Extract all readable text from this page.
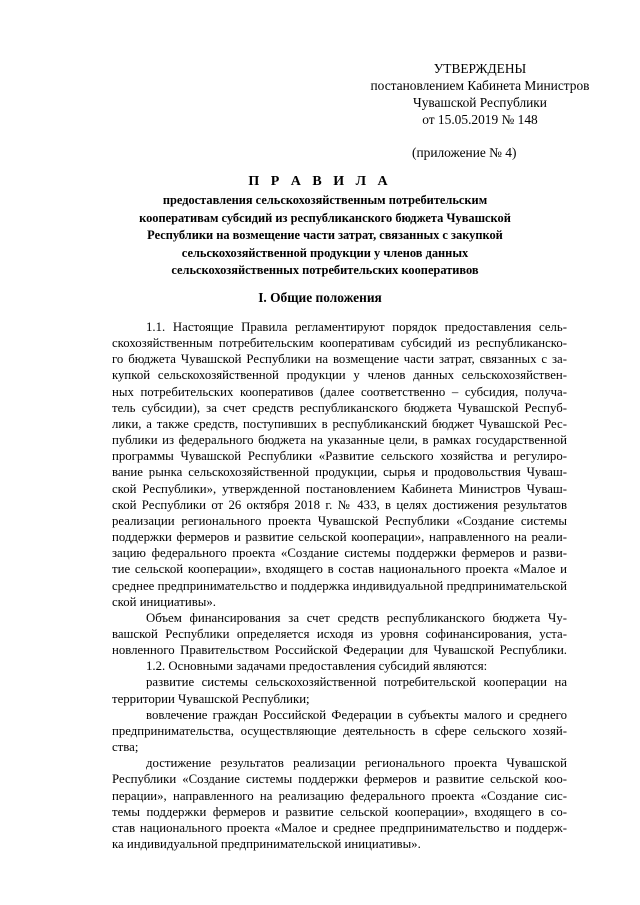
УТВЕРЖДЕНЫ
постановлением Кабинета Министров
Чувашской Республики
от 15.05.2019 № 148
(приложение № 4)
П Р А В И Л А
предоставления сельскохозяйственным потребительским
кооперативам субсидий из республиканского бюджета Чувашской
Республики на возмещение части затрат, связанных с закупкой
сельскохозяйственной продукции у членов данных
сельскохозяйственных потребительских кооперативов
I. Общие положения
1.1. Настоящие Правила регламентируют порядок предоставления сель-
скохозяйственным потребительским кооперативам субсидий из республиканско-
го бюджета Чувашской Республики на возмещение части затрат, связанных с за-
купкой сельскохозяйственной продукции у членов данных сельскохозяйствен-
ных потребительских кооперативов (далее соответственно – субсидия, получа-
тель субсидии), за счет средств республиканского бюджета Чувашской Респуб-
лики, а также средств, поступивших в республиканский бюджет Чувашской Рес-
публики из федерального бюджета на указанные цели, в рамках государственной
программы Чувашской Республики «Развитие сельского хозяйства и регулиро-
вание рынка сельскохозяйственной продукции, сырья и продовольствия Чуваш-
ской Республики», утвержденной постановлением Кабинета Министров Чуваш-
ской Республики от 26 октября 2018 г. № 433, в целях достижения результатов
реализации регионального проекта Чувашской Республики «Создание системы
поддержки фермеров и развитие сельской кооперации», направленного на реали-
зацию федерального проекта «Создание системы поддержки фермеров и разви-
тие сельской кооперации», входящего в состав национального проекта «Малое и
среднее предпринимательство и поддержка индивидуальной предпринимательской
ской инициативы».
Объем финансирования за счет средств республиканского бюджета Чу-
вашской Республики определяется исходя из уровня софинансирования, уста-
новленного Правительством Российской Федерации для Чувашской Республики.
1.2. Основными задачами предоставления субсидий являются:
развитие системы сельскохозяйственной потребительской кооперации на
территории Чувашской Республики;
вовлечение граждан Российской Федерации в субъекты малого и среднего
предпринимательства, осуществляющие деятельность в сфере сельского хозяй-
ства;
достижение результатов реализации регионального проекта Чувашской
Республики «Создание системы поддержки фермеров и развитие сельской коо-
перации», направленного на реализацию федерального проекта «Создание сис-
темы поддержки фермеров и развитие сельской кооперации», входящего в со-
став национального проекта «Малое и среднее предпринимательство и поддерж-
ка индивидуальной предпринимательской инициативы».
